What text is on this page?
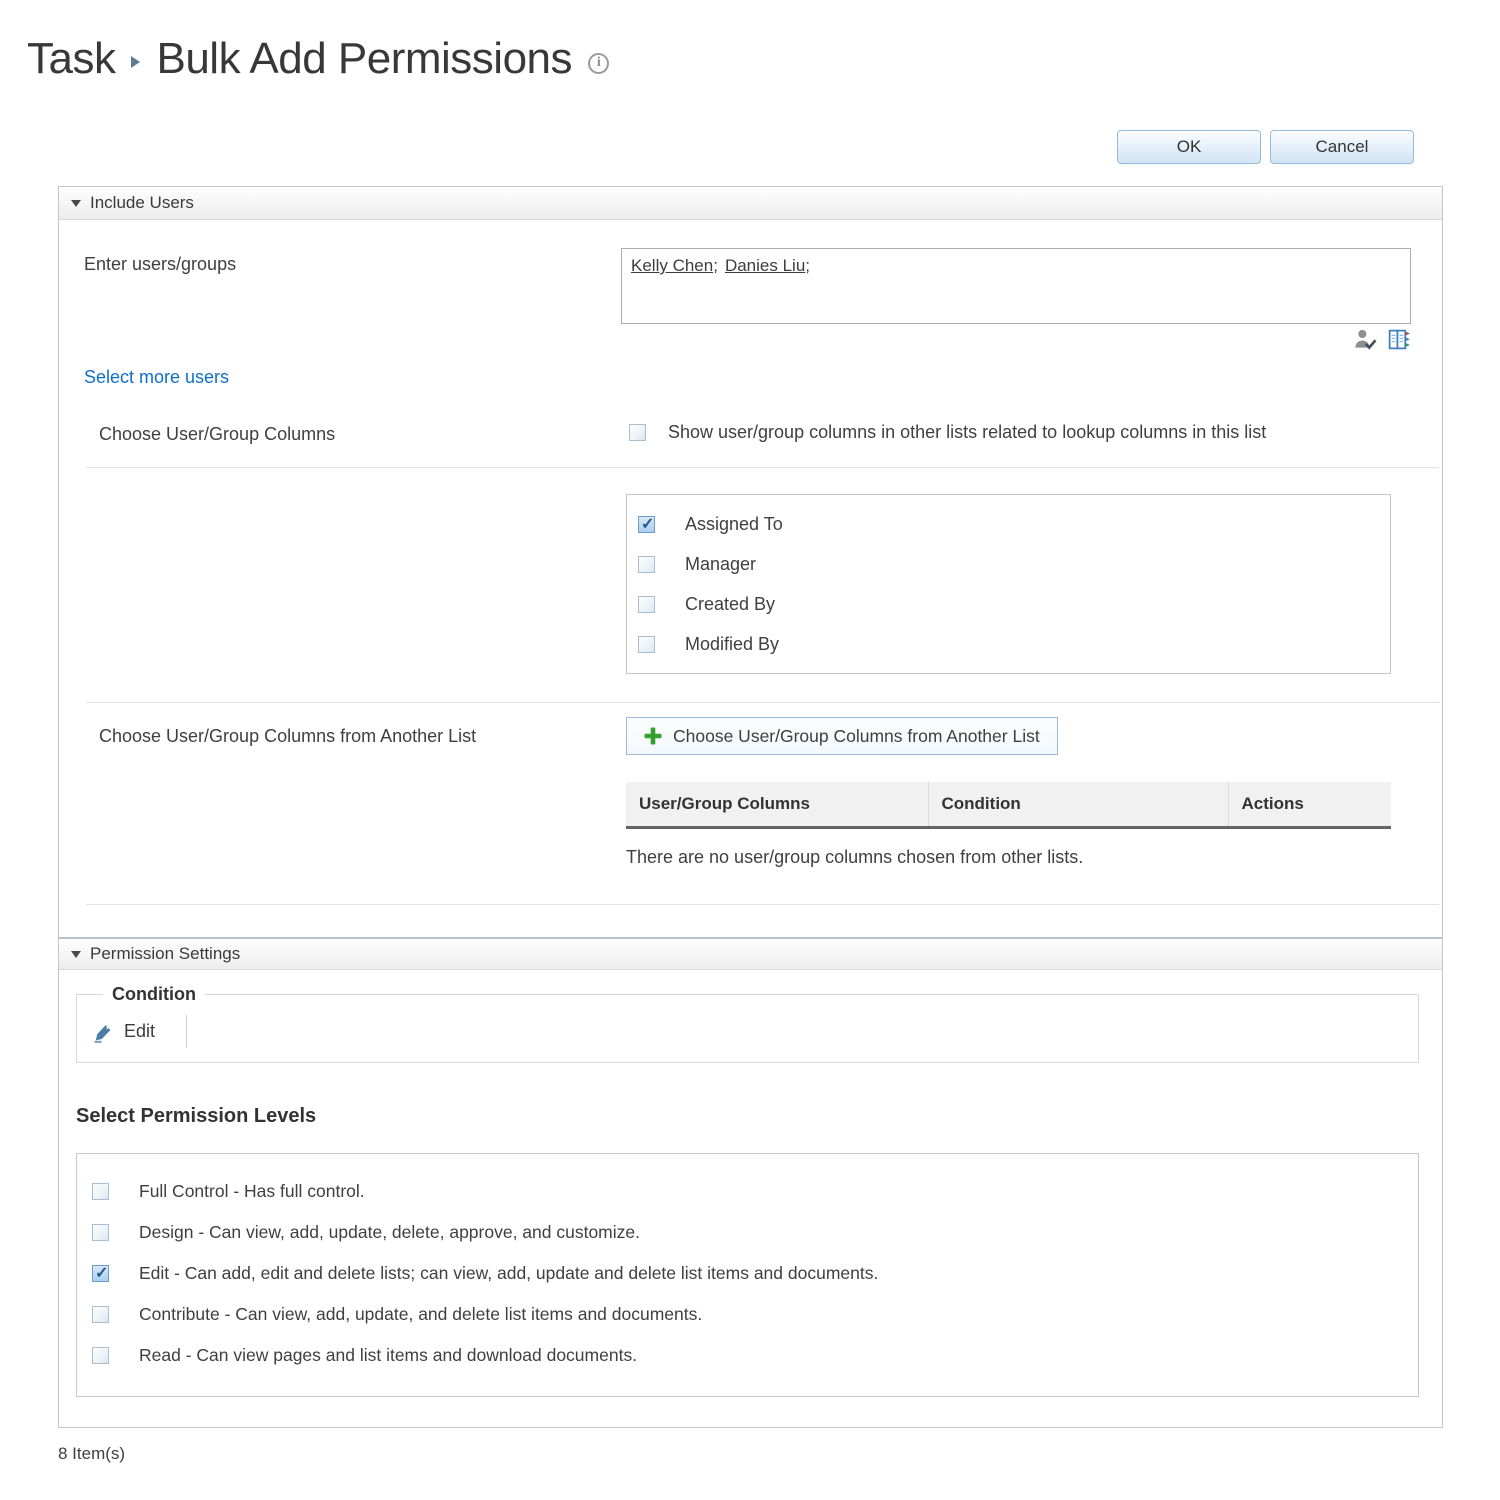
Task Bulk Add Permissions	i
OK	Cancel
Include Users
Enter users/groups	Kelly Chen; Danies Liu;
Select more users
Choose User/Group Columns	Show user/group columns in other lists related to lookup columns in this list
✓
Assigned To
Manager
Created By
Modified By
Choose User/Group Columns from Another List	Choose User/Group Columns from Another List
User/Group Columns	Condition	Actions
There are no user/group columns chosen from other lists.
Permission Settings
Condition
Edit
Select Permission Levels
Full Control - Has full control.
Design - Can view, add, update, delete, approve, and customize.
✓
Edit - Can add, edit and delete lists; can view, add, update and delete list items and documents.
Contribute - Can view, add, update, and delete list items and documents.
Read - Can view pages and list items and download documents.
8 Item(s)
